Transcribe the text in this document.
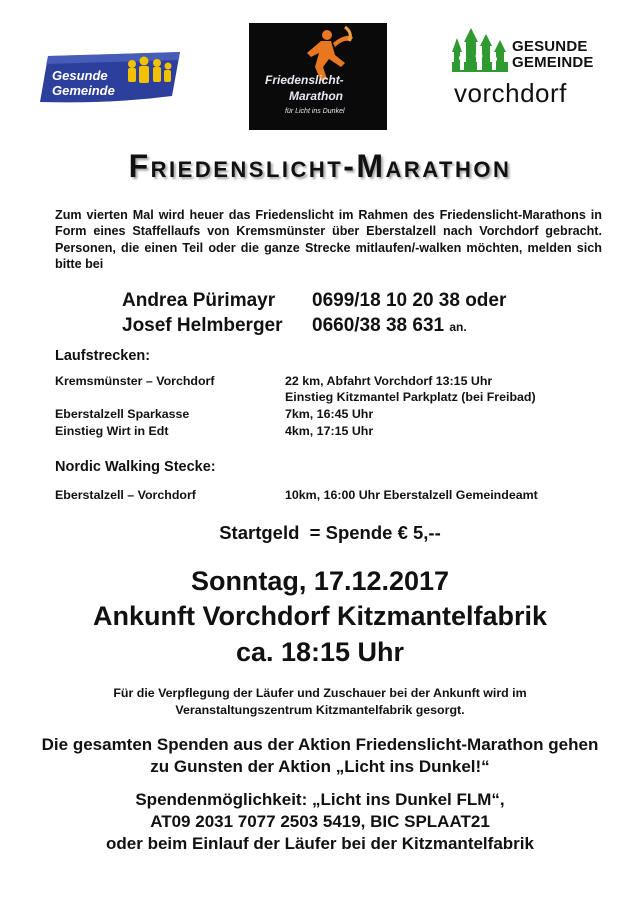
Gesunde
Gemeinde
Friedenslicht-
Marathon
für Licht ins Dunkel
GESUNDE
GEMEINDE
vorchdorf
Friedenslicht-Marathon
Zum vierten Mal wird heuer das Friedenslicht im Rahmen des Friedenslicht-Marathons in Form eines Staffellaufs von Kremsmünster über Eberstalzell nach Vorchdorf gebracht. Personen, die einen Teil oder die ganze Strecke mitlaufen/-walken möchten, melden sich bitte bei
Andrea Pürimayr 0699/18 10 20 38 oder
Josef Helmberger 0660/38 38 631 an.
Laufstrecken:
Kremsmünster – Vorchdorf	22 km, Abfahrt Vorchdorf 13:15 Uhr
Einstieg Kitzmantel Parkplatz (bei Freibad)
Eberstalzell Sparkasse	7km, 16:45 Uhr
Einstieg Wirt in Edt	4km, 17:15 Uhr
Nordic Walking Stecke:
Eberstalzell – Vorchdorf	10km, 16:00 Uhr Eberstalzell Gemeindeamt
Startgeld  = Spende € 5,--
Sonntag, 17.12.2017
Ankunft Vorchdorf Kitzmantelfabrik
ca. 18:15 Uhr
Für die Verpflegung der Läufer und Zuschauer bei der Ankunft wird im Veranstaltungszentrum Kitzmantelfabrik gesorgt.
Die gesamten Spenden aus der Aktion Friedenslicht-Marathon gehen zu Gunsten der Aktion „Licht ins Dunkel!“
Spendenmöglichkeit: „Licht ins Dunkel FLM“,
AT09 2031 7077 2503 5419, BIC SPLAAT21
oder beim Einlauf der Läufer bei der Kitzmantelfabrik
